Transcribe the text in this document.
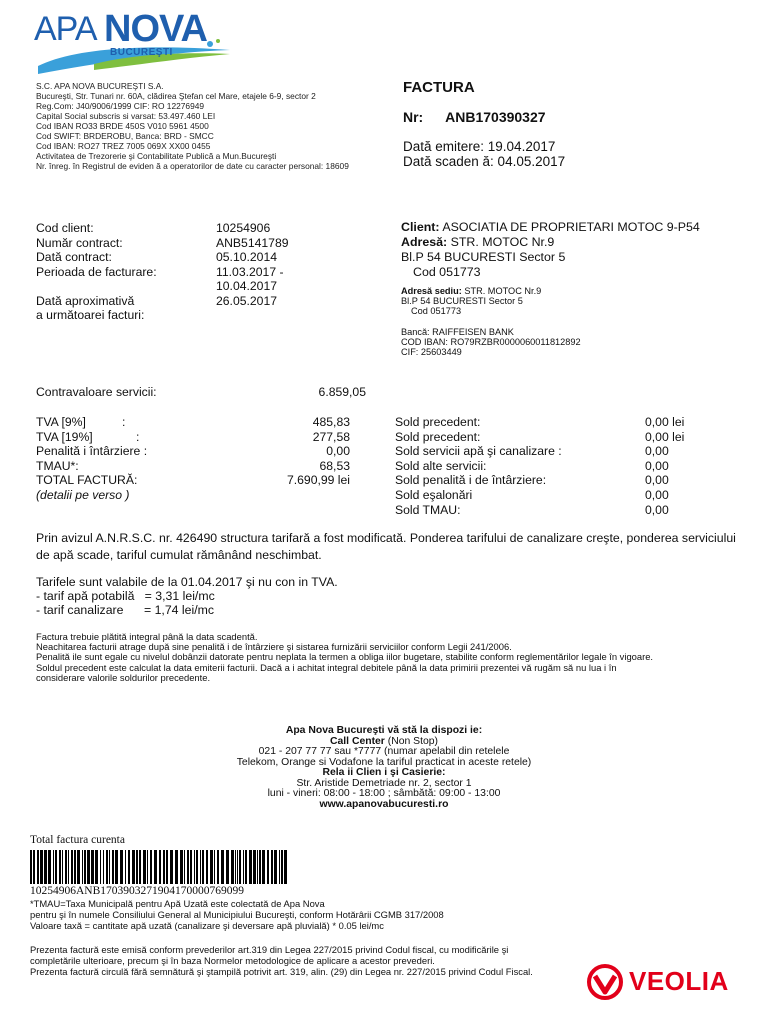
APA NOVA
BUCUREŞTI
S.C. APA NOVA BUCUREŞTI S.A.
Bucureşti, Str. Tunari nr. 60A, clădirea Ştefan cel Mare, etajele 6-9, sector 2
Reg.Com: J40/9006/1999 CIF: RO 12276949
Capital Social subscris si varsat: 53.497.460 LEI
Cod IBAN RO33 BRDE 450S V010 5961 4500
Cod SWIFT: BRDEROBU, Banca: BRD - SMCC
Cod IBAN: RO27 TREZ 7005 069X XX00 0455
Activitatea de Trezorerie şi Contabilitate Publică a Mun.Bucureşti
Nr. înreg. în Registrul de eviden ă a operatorilor de date cu caracter personal: 18609
FACTURA
Nr: ANB170390327
Dată emitere: 19.04.2017
Dată scaden ă: 04.05.2017
Cod client:	10254906
Număr contract:	ANB5141789
Dată contract:	05.10.2014
Perioada de facturare:	11.03.2017 -
10.04.2017
Dată aproximativă	26.05.2017
a următoarei facturi:
Client: ASOCIATIA DE PROPRIETARI MOTOC 9-P54
Adresă: STR. MOTOC Nr.9
Bl.P 54 BUCURESTI Sector 5
Cod 051773
Adresă sediu: STR. MOTOC Nr.9
Bl.P 54 BUCURESTI Sector 5
Cod 051773
Bancă: RAIFFEISEN BANK
COD IBAN: RO79RZBR0000060011812892
CIF: 25603449
Contravaloare servicii:	6.859,05
TVA [9%]	:	485,83
TVA [19%]	:	277,58
Penalită i întârziere :	0,00
TMAU*:	68,53
TOTAL FACTURĂ:	7.690,99 lei
(detalii pe verso )
Sold precedent:	0,00 lei
Sold precedent:	0,00 lei
Sold servicii apă şi canalizare :	0,00
Sold alte servicii:	0,00
Sold penalită i de întârziere:	0,00
Sold eşalonări	0,00
Sold TMAU:	0,00
Prin avizul A.N.R.S.C. nr. 426490 structura tarifară a fost modificată. Ponderea tarifului de canalizare creşte, ponderea serviciului de apă scade, tariful cumulat rămânând neschimbat.
Tarifele sunt valabile de la 01.04.2017 şi nu con in TVA.
- tarif apă potabilă   = 3,31 lei/mc
- tarif canalizare      = 1,74 lei/mc
Factura trebuie plătită integral până la data scadentă.
Neachitarea facturii atrage după sine penalită i de întârziere şi sistarea furnizării serviciilor conform Legii 241/2006.
Penalită ile sunt egale cu nivelul dobânzii datorate pentru neplata la termen a obliga iilor bugetare, stabilite conform reglementărilor legale în vigoare.
Soldul precedent este calculat la data emiterii facturii. Dacă a i achitat integral debitele până la data primirii prezentei vă rugăm să nu lua i în
considerare valorile soldurilor precedente.
Apa Nova Bucureşti vă stă la dispozi ie:
Call Center (Non Stop)
021 - 207 77 77 sau *7777 (numar apelabil din retelele
Telekom, Orange si Vodafone la tariful practicat in aceste retele)
Rela ii Clien i şi Casierie:
Str. Aristide Demetriade nr. 2, sector 1
luni - vineri: 08:00 - 18:00 ; sâmbătă: 09:00 - 13:00
www.apanovabucuresti.ro
Total factura curenta
10254906ANB1703903271904170000769099
*TMAU=Taxa Municipală pentru Apă Uzată este colectată de Apa Nova
pentru şi în numele Consiliului General al Municipiului Bucureşti, conform Hotărârii CGMB 317/2008
Valoare taxă = cantitate apă uzată (canalizare şi deversare apă pluvială) * 0.05 lei/mc
Prezenta factură este emisă conform prevederilor art.319 din Legea 227/2015 privind Codul fiscal, cu modificările şi
completările ulterioare, precum şi în baza Normelor metodologice de aplicare a acestor prevederi.
Prezenta factură circulă fără semnătură şi ştampilă potrivit art. 319, alin. (29) din Legea nr. 227/2015 privind Codul Fiscal.	VEOLIA
